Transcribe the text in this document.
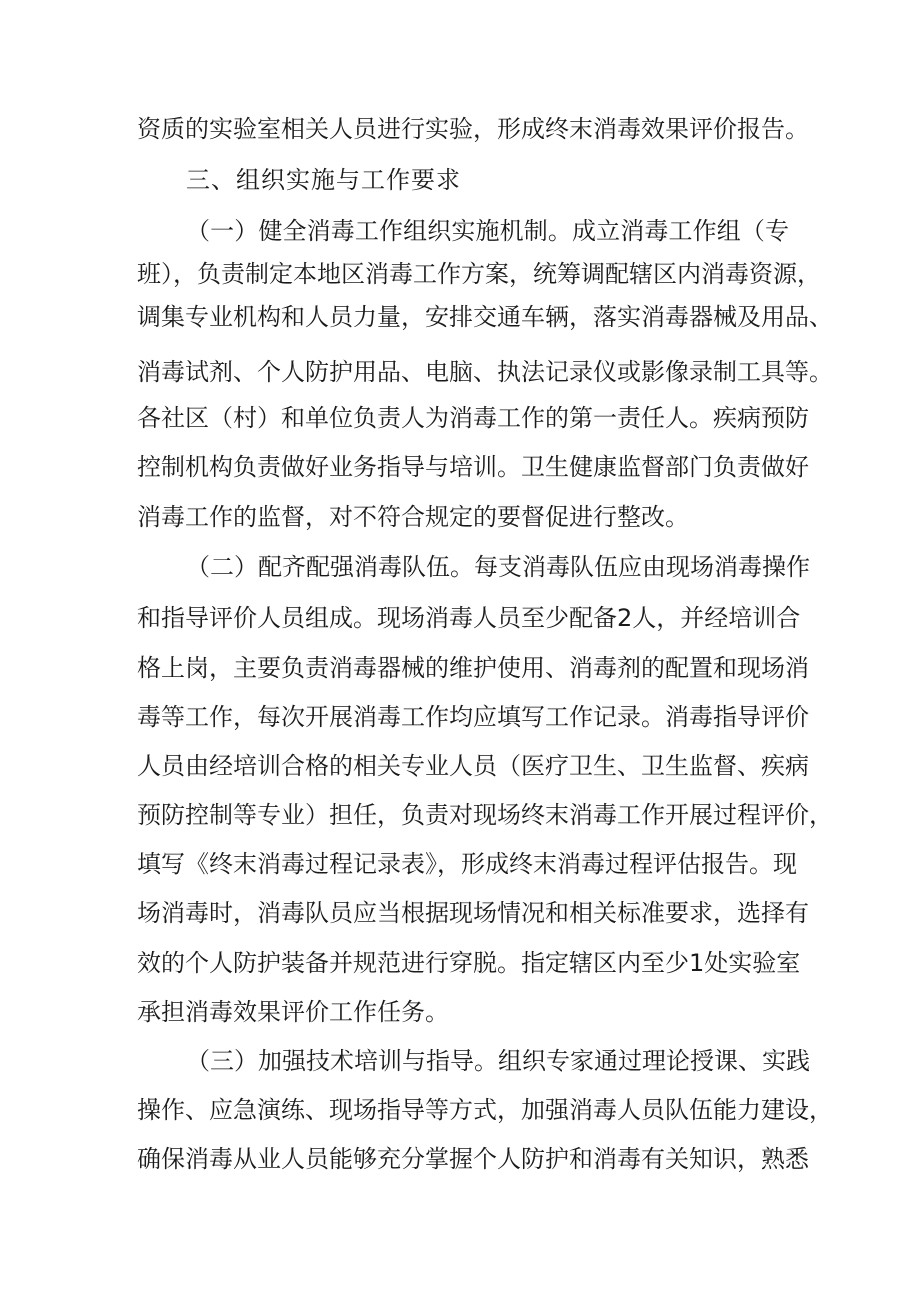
资质的实验室相关人员进行实验，形成终末消毒效果评价报告。
三、组织实施与工作要求
（一）健全消毒工作组织实施机制。成立消毒工作组（专
班），负责制定本地区消毒工作方案，统筹调配辖区内消毒资源，
调集专业机构和人员力量，安排交通车辆，落实消毒器械及用品、
消毒试剂、个人防护用品、电脑、执法记录仪或影像录制工具等。
各社区（村）和单位负责人为消毒工作的第一责任人。疾病预防
控制机构负责做好业务指导与培训。卫生健康监督部门负责做好
消毒工作的监督，对不符合规定的要督促进行整改。
（二）配齐配强消毒队伍。每支消毒队伍应由现场消毒操作
和指导评价人员组成。现场消毒人员至少配备2人，并经培训合
格上岗，主要负责消毒器械的维护使用、消毒剂的配置和现场消
毒等工作，每次开展消毒工作均应填写工作记录。消毒指导评价
人员由经培训合格的相关专业人员（医疗卫生、卫生监督、疾病
预防控制等专业）担任，负责对现场终末消毒工作开展过程评价，
填写《终末消毒过程记录表》，形成终末消毒过程评估报告。现
场消毒时，消毒队员应当根据现场情况和相关标准要求，选择有
效的个人防护装备并规范进行穿脱。指定辖区内至少1处实验室
承担消毒效果评价工作任务。
（三）加强技术培训与指导。组织专家通过理论授课、实践
操作、应急演练、现场指导等方式，加强消毒人员队伍能力建设，
确保消毒从业人员能够充分掌握个人防护和消毒有关知识，熟悉
